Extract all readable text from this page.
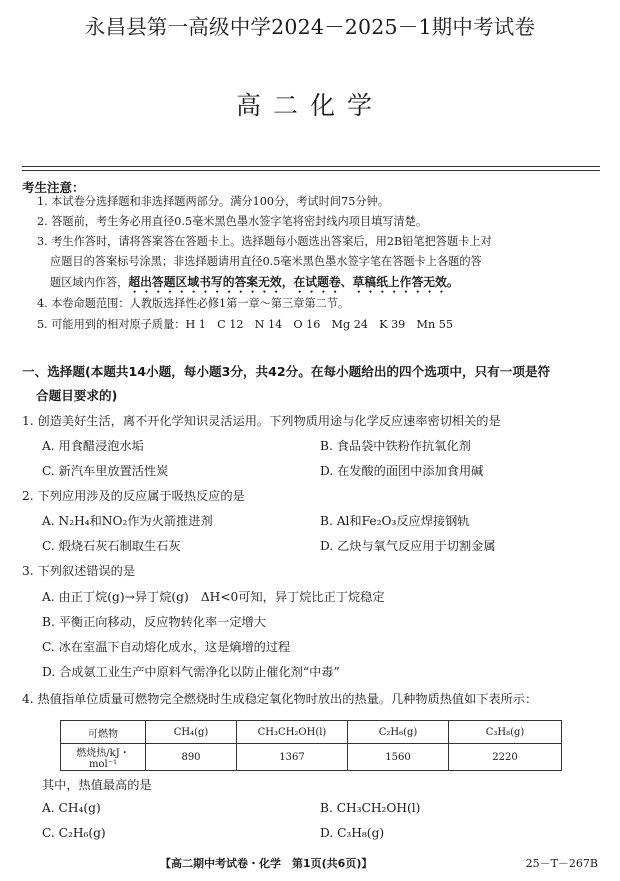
永昌县第一高级中学2024－2025－1期中考试卷
高二化学
考生注意：
1. 本试卷分选择题和非选择题两部分。满分100分，考试时间75分钟。
2. 答题前，考生务必用直径0.5毫米黑色墨水签字笔将密封线内项目填写清楚。
3. 考生作答时，请将答案答在答题卡上。选择题每小题选出答案后，用2B铅笔把答题卡上对
应题目的答案标号涂黑；非选择题请用直径0.5毫米黑色墨水签字笔在答题卡上各题的答
题区域内作答，超出答题区域书写的答案无效，在试题卷、草稿纸上作答无效。
4. 本卷命题范围：人教版选择性必修1第一章～第三章第二节。
5. 可能用到的相对原子质量：H 1　C 12　N 14　O 16　Mg 24　K 39　Mn 55
一、选择题(本题共14小题，每小题3分，共42分。在每小题给出的四个选项中，只有一项是符
合题目要求的)
1. 创造美好生活，离不开化学知识灵活运用。下列物质用途与化学反应速率密切相关的是
A. 用食醋浸泡水垢	B. 食品袋中铁粉作抗氧化剂
C. 新汽车里放置活性炭	D. 在发酸的面团中添加食用碱
2. 下列应用涉及的反应属于吸热反应的是
A. N₂H₄和NO₂作为火箭推进剂	B. Al和Fe₂O₃反应焊接钢轨
C. 煅烧石灰石制取生石灰	D. 乙炔与氧气反应用于切割金属
3. 下列叙述错误的是
A. 由正丁烷(g)→异丁烷(g)　ΔH<0可知，异丁烷比正丁烷稳定
B. 平衡正向移动，反应物转化率一定增大
C. 冰在室温下自动熔化成水，这是熵增的过程
D. 合成氨工业生产中原料气需净化以防止催化剂“中毒”
4. 热值指单位质量可燃物完全燃烧时生成稳定氧化物时放出的热量。几种物质热值如下表所示：
可燃物	CH₄(g)	CH₃CH₂OH(l)	C₂H₆(g)	C₃H₈(g)
燃烧热/kJ・mol⁻¹	890	1367	1560	2220
其中，热值最高的是
A. CH₄(g)	B. CH₃CH₂OH(l)
C. C₂H₆(g)	D. C₃H₈(g)
【高二期中考试卷・化学　第1页(共6页)】	25－T－267B
